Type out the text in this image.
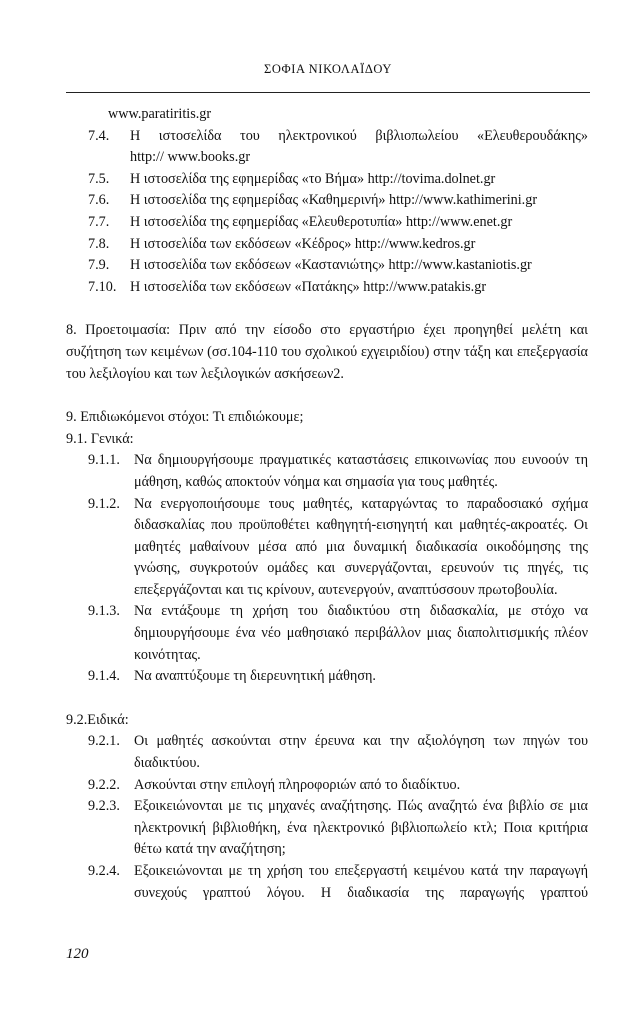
ΣΟΦΙΑ ΝΙΚΟΛΑΪΔΟΥ
www.paratiritis.gr
7.4.	Η ιστοσελίδα του ηλεκτρονικού βιβλιοπωλείου «Ελευθερουδάκης»
http:// www.books.gr
7.5.	Η ιστοσελίδα της εφημερίδας «το Βήμα» http://tovima.dolnet.gr
7.6.	Η ιστοσελίδα της εφημερίδας «Καθημερινή» http://www.kathimerini.gr
7.7.	Η ιστοσελίδα της εφημερίδας «Ελευθεροτυπία» http://www.enet.gr
7.8.	Η ιστοσελίδα των εκδόσεων «Κέδρος» http://www.kedros.gr
7.9.	Η ιστοσελίδα των εκδόσεων «Καστανιώτης» http://www.kastaniotis.gr
7.10. Η ιστοσελίδα των εκδόσεων «Πατάκης» http://www.patakis.gr
8. Προετοιμασία: Πριν από την είσοδο στο εργαστήριο έχει προηγηθεί μελέτη και συζήτηση των κειμένων (σσ.104-110 του σχολικού εχγειριδίου) στην τάξη και επεξεργασία του λεξιλογίου και των λεξιλογικών ασκήσεων2.
9. Επιδιωκόμενοι στόχοι: Τι επιδιώκουμε;
9.1. Γενικά:
9.1.1. Να δημιουργήσουμε πραγματικές καταστάσεις επικοινωνίας που ευνοούν τη μάθηση, καθώς αποκτούν νόημα και σημασία για τους μαθητές.
9.1.2. Να ενεργοποιήσουμε τους μαθητές, καταργώντας το παραδοσιακό σχήμα διδασκαλίας που προϋποθέτει καθηγητή-εισηγητή και μαθητές-ακροατές. Οι μαθητές μαθαίνουν μέσα από μια δυναμική διαδικασία οικοδόμησης της γνώσης, συγκροτούν ομάδες και συνεργάζονται, ερευνούν τις πηγές, τις επεξεργάζονται και τις κρίνουν, αυτενεργούν, αναπτύσσουν πρωτοβουλία.
9.1.3. Να εντάξουμε τη χρήση του διαδικτύου στη διδασκαλία, με στόχο να δημιουργήσουμε ένα νέο μαθησιακό περιβάλλον μιας διαπολιτισμικής πλέον κοινότητας.
9.1.4. Να αναπτύξουμε τη διερευνητική μάθηση.
9.2.Ειδικά:
9.2.1. Οι μαθητές ασκούνται στην έρευνα και την αξιολόγηση των πηγών του διαδικτύου.
9.2.2. Ασκούνται στην επιλογή πληροφοριών από το διαδίκτυο.
9.2.3. Εξοικειώνονται με τις μηχανές αναζήτησης. Πώς αναζητώ ένα βιβλίο σε μια ηλεκτρονική βιβλιοθήκη, ένα ηλεκτρονικό βιβλιοπωλείο κτλ; Ποια κριτήρια θέτω κατά την αναζήτηση;
9.2.4. Εξοικειώνονται με τη χρήση του επεξεργαστή κειμένου κατά την παραγωγή συνεχούς γραπτού λόγου. Η διαδικασία της παραγωγής γραπτού
120
